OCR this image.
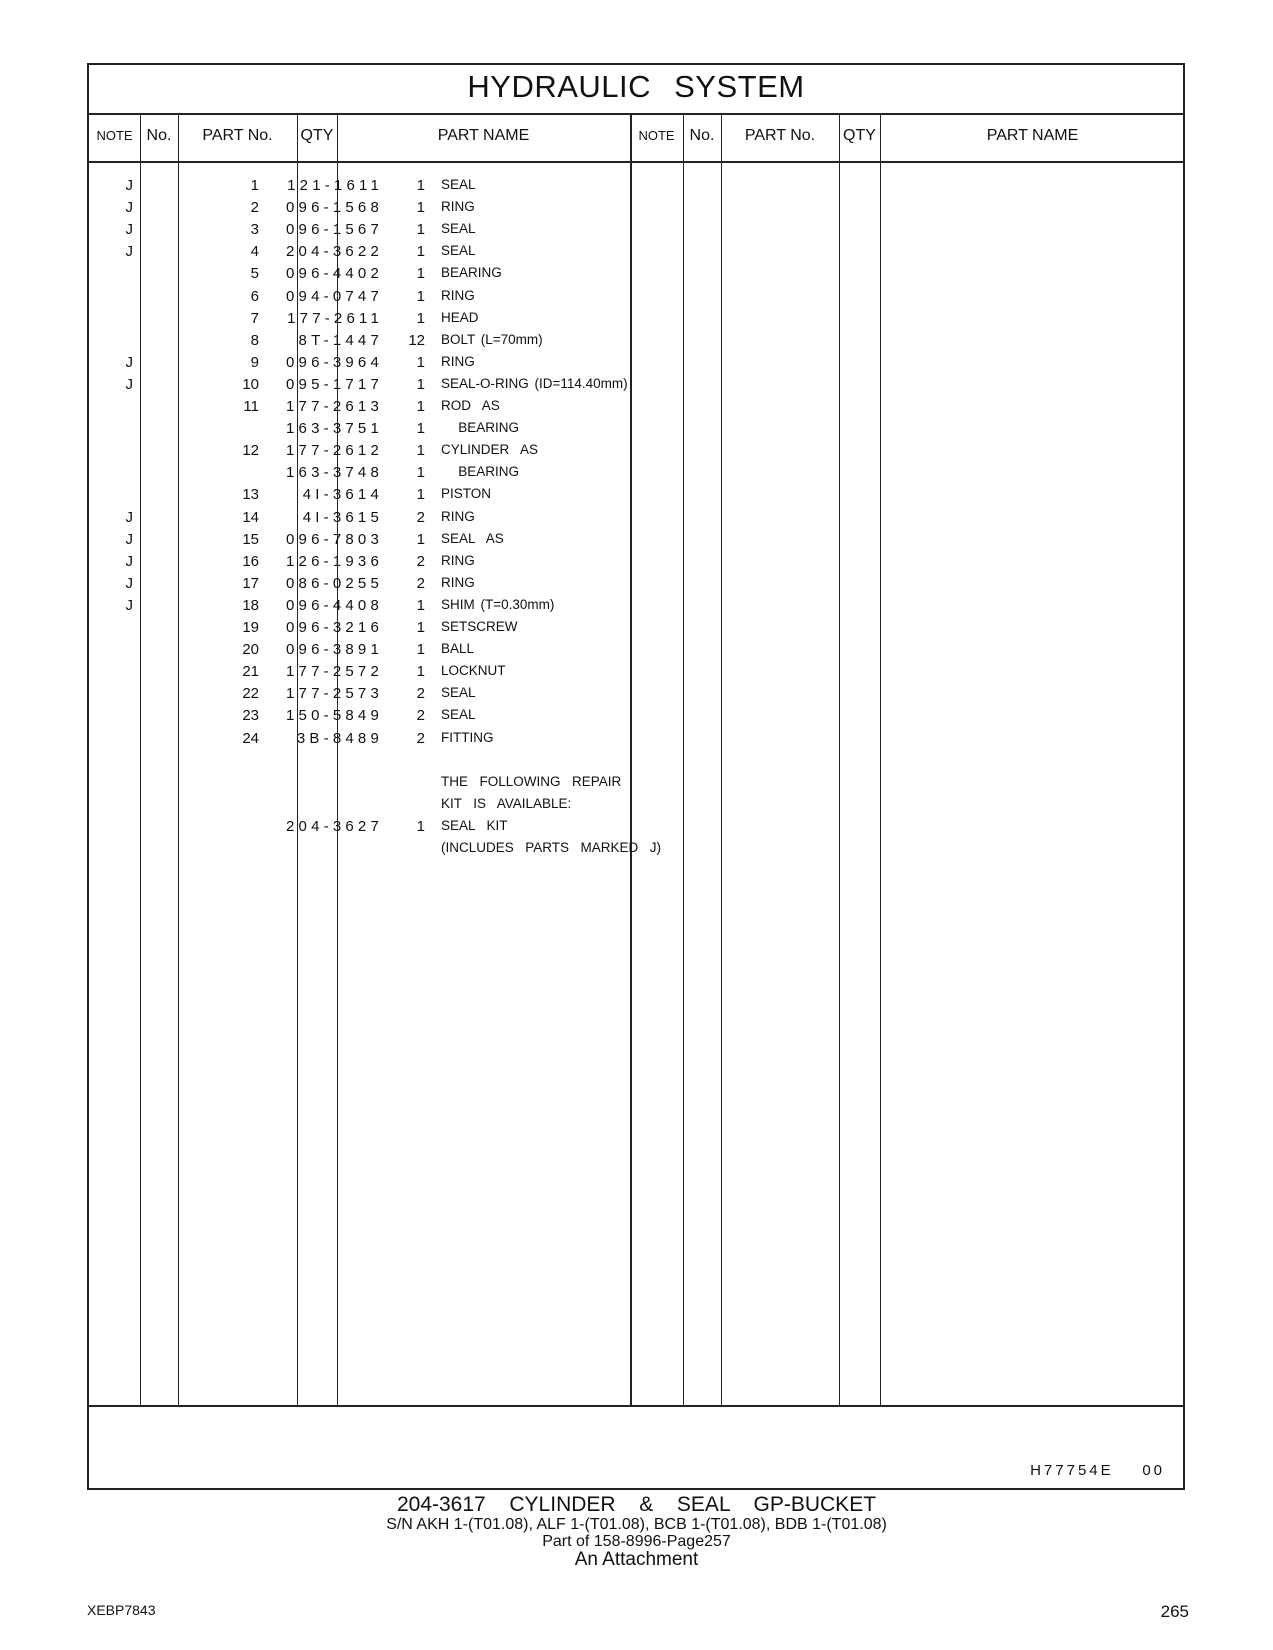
HYDRAULIC SYSTEM
NOTE No.	PART No.	QTY	PART NAME	NOTE No.	PART No.	QTY	PART NAME
J	1	121-1611	1 SEAL
J	2	096-1568	1 RING
J	3	096-1567	1 SEAL
J	4	204-3622	1 SEAL
5	096-4402	1 BEARING
6	094-0747	1 RING
7	177-2611	1 HEAD
8	8T-1447	12 BOLT (L=70mm)
J	9	096-3964	1 RING
J	10	095-1717	1 SEAL-O-RING (ID=114.40mm)
11	177-2613	1 ROD  AS
163-3751	1 BEARING
12	177-2612	1 CYLINDER  AS
163-3748	1 BEARING
13	4I-3614	1 PISTON
J	14	4I-3615	2 RING
J	15	096-7803	1 SEAL  AS
J	16	126-1936	2 RING
J	17	086-0255	2 RING
J	18	096-4408	1 SHIM (T=0.30mm)
19	096-3216	1 SETSCREW
20	096-3891	1 BALL
21	177-2572	1 LOCKNUT
22	177-2573	2 SEAL
23	150-5849	2 SEAL
24	3B-8489	2 FITTING
THE  FOLLOWING  REPAIR
KIT  IS  AVAILABLE:
204-3627	1 SEAL  KIT
(INCLUDES  PARTS  MARKED  J)
H77754E    00
204-3617  CYLINDER  &  SEAL  GP-BUCKET
S/N AKH 1-(T01.08), ALF 1-(T01.08), BCB 1-(T01.08), BDB 1-(T01.08)
Part of 158-8996-Page257
An Attachment
XEBP7843	265
